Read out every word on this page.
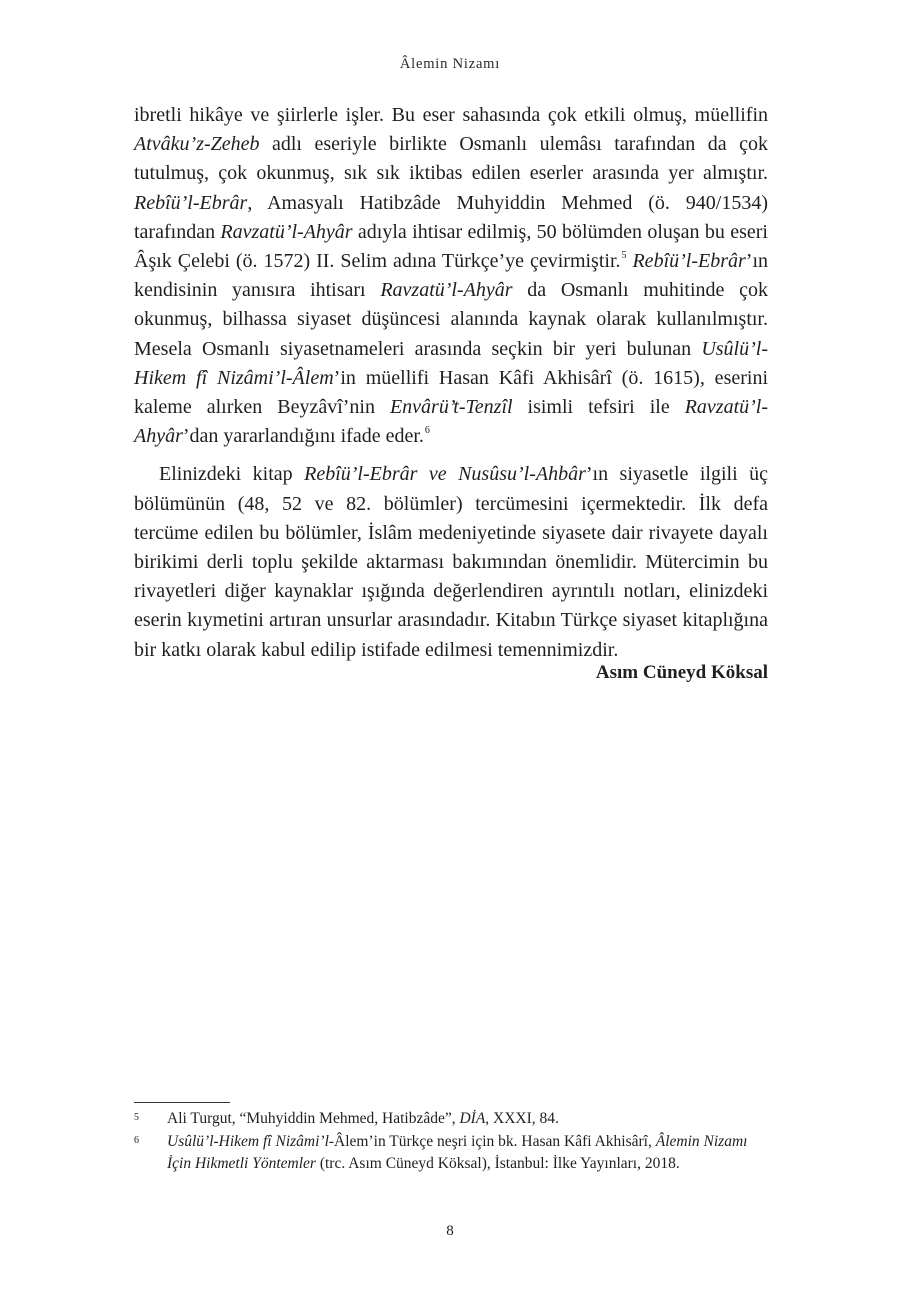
Âlemin Nizamı

ibretli hikâye ve şiirlerle işler. Bu eser sahasında çok etkili olmuş, müellifin Atvâku’z-Zeheb adlı eseriyle birlikte Osmanlı ulemâsı tarafından da çok tutulmuş, çok okunmuş, sık sık iktibas edilen eserler arasında yer almıştır. Rebîü’l-Ebrâr, Amasyalı Hatibzâde Muhyiddin Mehmed (ö. 940/1534) tarafından Ravzatü’l-Ahyâr adıyla ihtisar edilmiş, 50 bölümden oluşan bu eseri Âşık Çelebi (ö. 1572) II. Selim adına Türkçe’ye çevirmiştir.$^5$ Rebîü’l-Ebrâr’ın kendisinin yanısıra ihtisarı Ravzatü’l-Ahyâr da Osmanlı muhitinde çok okunmuş, bilhassa siyaset düşüncesi alanında kaynak olarak kullanılmıştır. Mesela Osmanlı siyasetnameleri arasında seçkin bir yeri bulunan Usûlü’l-Hikem fî Nizâmi’l-Âlem’in müellifi Hasan Kâfi Akhisârî (ö. 1615), eserini kaleme alırken Beyzâvî’nin Envârü’t-Tenzîl isimli tefsiri ile Ravzatü’l-Ahyâr’dan yararlandığını ifade eder.$^6$

Elinizdeki kitap Rebîü’l-Ebrâr ve Nusûsu’l-Ahbâr’ın siyasetle ilgili üç bölümünün (48, 52 ve 82. bölümler) tercümesini içermektedir. İlk defa tercüme edilen bu bölümler, İslâm medeniyetinde siyasete dair rivayete dayalı birikimi derli toplu şekilde aktarması bakımından önemlidir. Mütercimin bu rivayetleri diğer kaynaklar ışığında değerlendiren ayrıntılı notları, elinizdeki eserin kıymetini artıran unsurlar arasındadır. Kitabın Türkçe siyaset kitaplığına bir katkı olarak kabul edilip istifade edilmesi temennimizdir.

Asım Cüneyd Köksal
5	Ali Turgut, “Muhyiddin Mehmed, Hatibzâde”, DİA, XXXI, 84.
6	Usûlü’l-Hikem fî Nizâmi’l-Âlem’in Türkçe neşri için bk. Hasan Kâfi Akhisârî, Âlemin Nizamı İçin Hikmetli Yöntemler (trc. Asım Cüneyd Köksal), İstanbul: İlke Yayınları, 2018.
8
